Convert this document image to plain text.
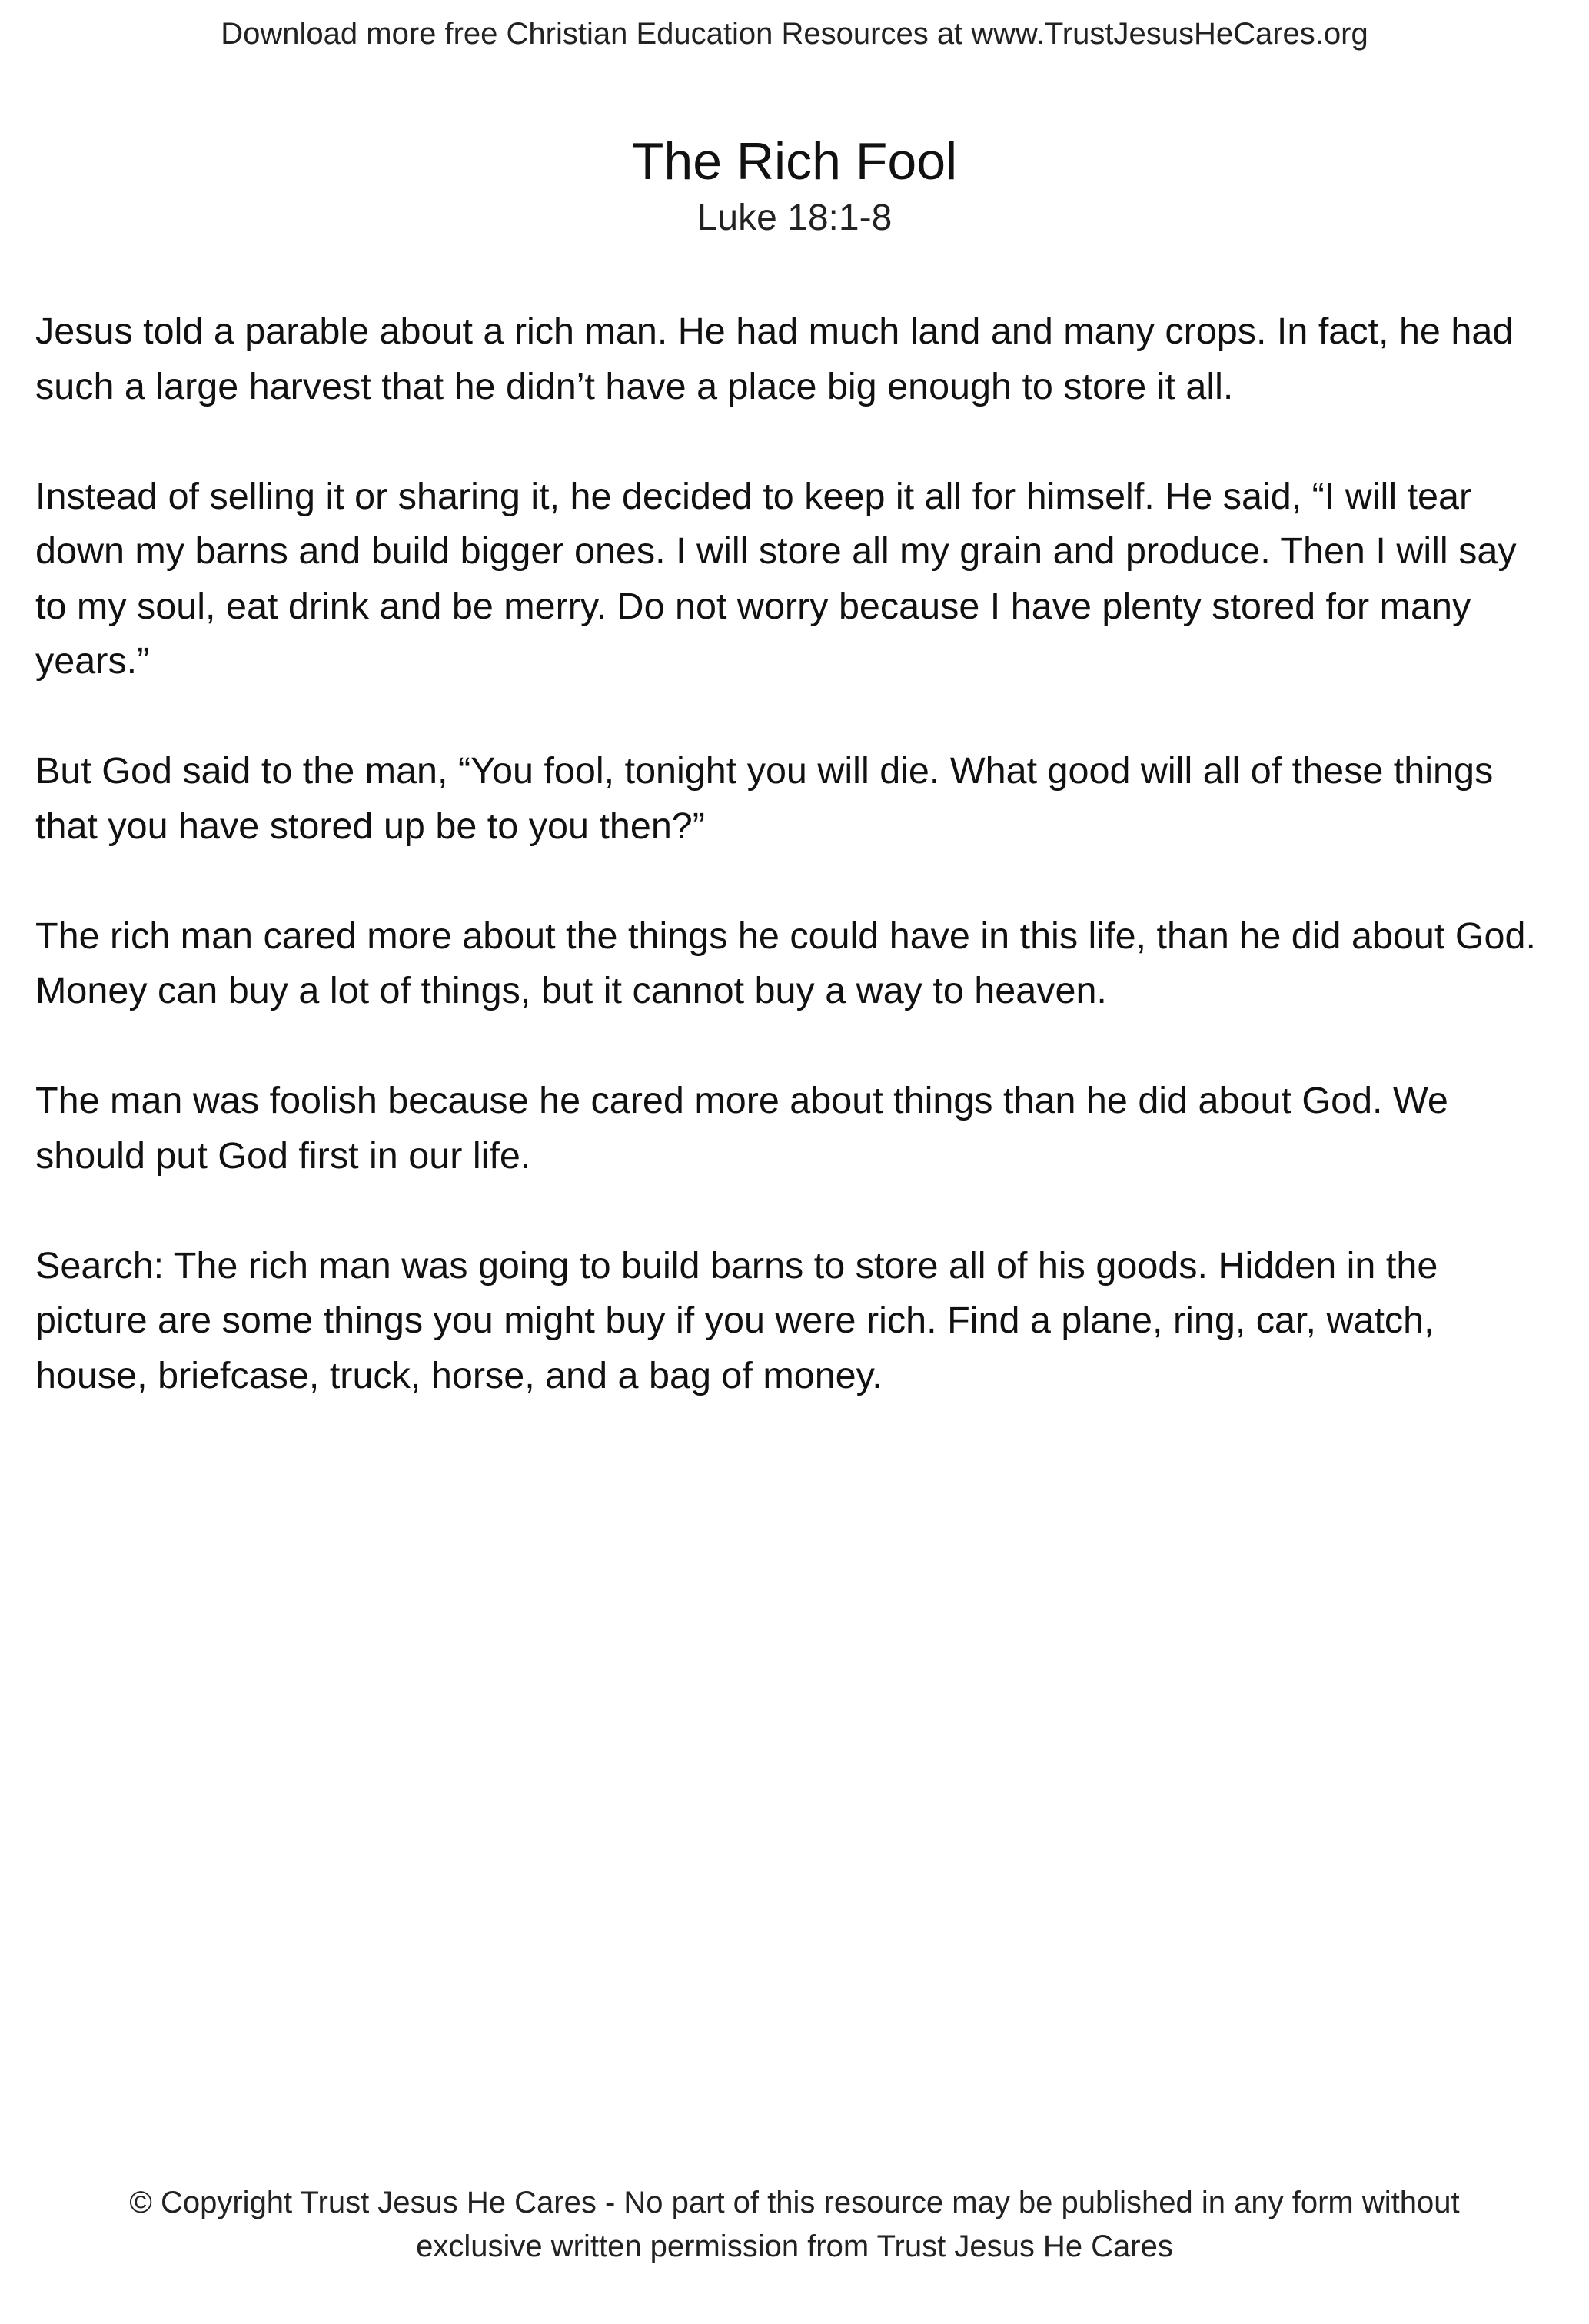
Download more free Christian Education Resources at www.TrustJesusHeCares.org
The Rich Fool
Luke 18:1-8

Jesus told a parable about a rich man. He had much land and many crops. In fact, he had such a large harvest that he didn’t have a place big enough to store it all.

Instead of selling it or sharing it, he decided to keep it all for himself. He said, “I will tear down my barns and build bigger ones. I will store all my grain and produce. Then I will say to my soul, eat drink and be merry. Do not worry because I have plenty stored for many years.”

But God said to the man, “You fool, tonight you will die. What good will all of these things that you have stored up be to you then?”

The rich man cared more about the things he could have in this life, than he did about God. Money can buy a lot of things, but it cannot buy a way to heaven.

The man was foolish because he cared more about things than he did about God. We should put God first in our life.

Search: The rich man was going to build barns to store all of his goods. Hidden in the picture are some things you might buy if you were rich. Find a plane, ring, car, watch, house, briefcase, truck, horse, and a bag of money.

© Copyright Trust Jesus He Cares - No part of this resource may be published in any form without
exclusive written permission from Trust Jesus He Cares
